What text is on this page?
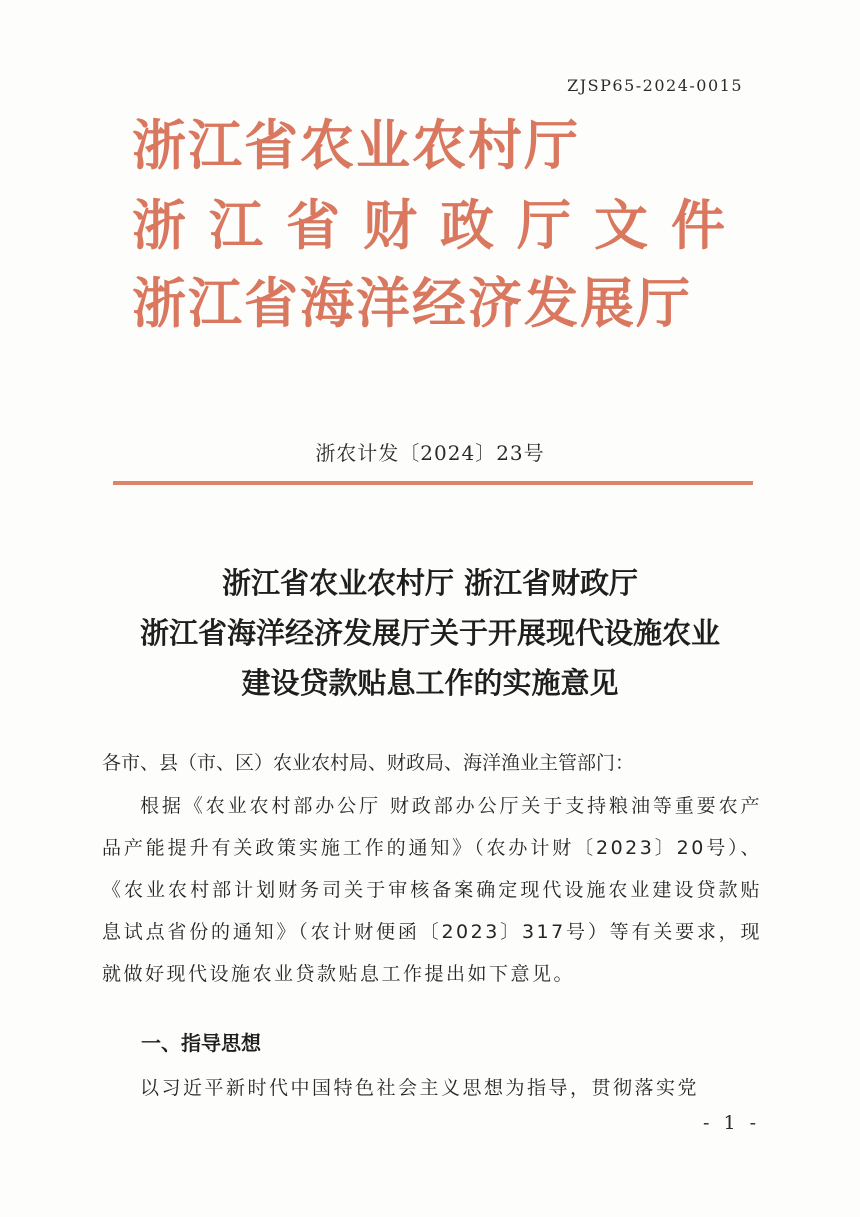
ZJSP65-2024-0015
浙江省农业农村厅
浙江省财政厅文件
浙江省海洋经济发展厅
浙农计发〔2024〕23号
浙江省农业农村厅 浙江省财政厅
浙江省海洋经济发展厅关于开展现代设施农业
建设贷款贴息工作的实施意见
各市、县（市、区）农业农村局、财政局、海洋渔业主管部门：
根据《农业农村部办公厅 财政部办公厅关于支持粮油等重要农产品产能提升有关政策实施工作的通知》（农办计财〔2023〕20号）、《农业农村部计划财务司关于审核备案确定现代设施农业建设贷款贴息试点省份的通知》（农计财便函〔2023〕317号）等有关要求，现就做好现代设施农业贷款贴息工作提出如下意见。
一、指导思想
以习近平新时代中国特色社会主义思想为指导，贯彻落实党
- 1 -
